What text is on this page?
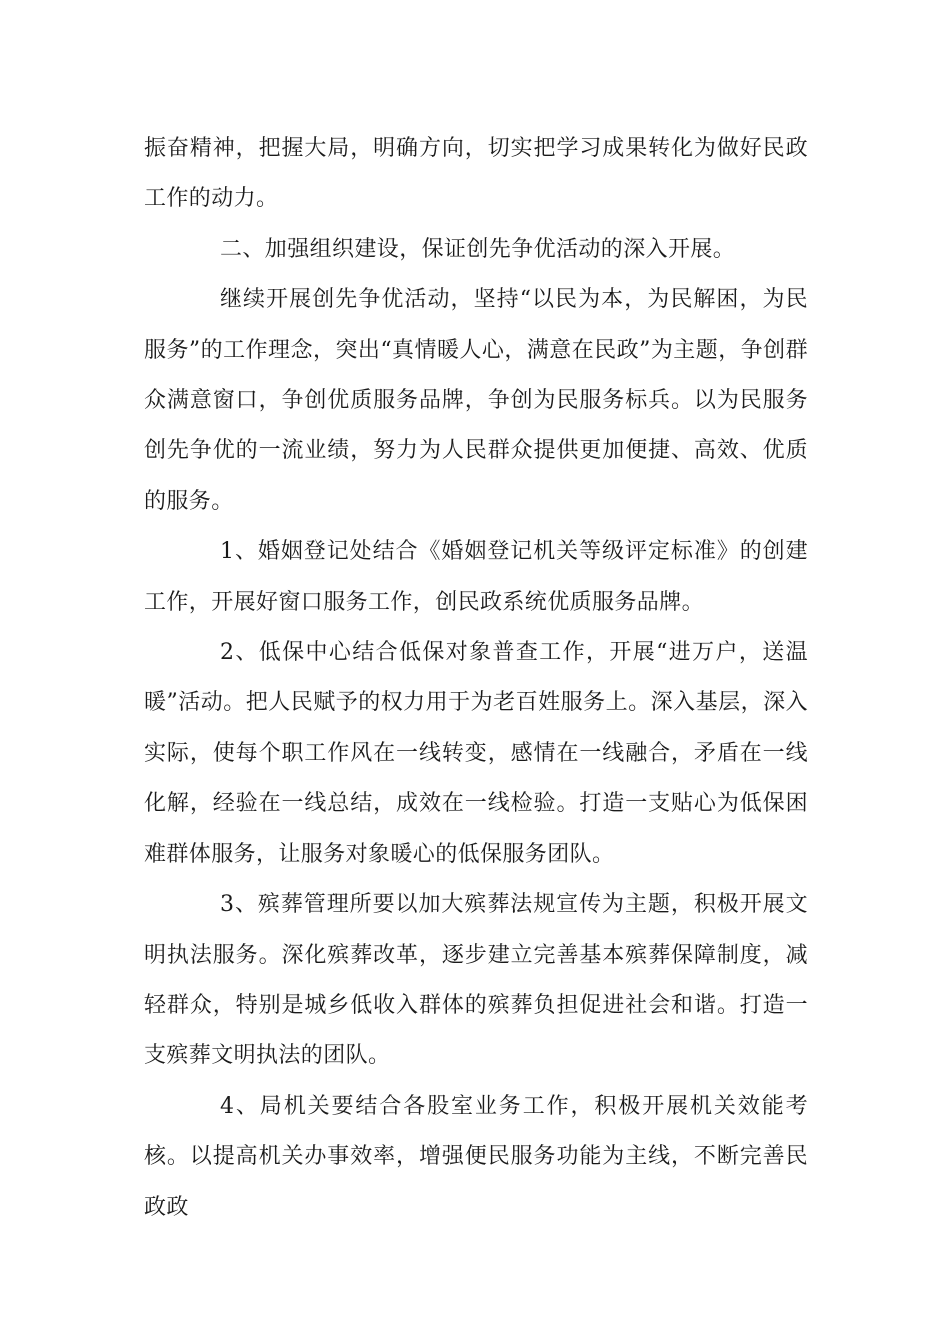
振奋精神，把握大局，明确方向，切实把学习成果转化为做好民政工作的动力。

二、加强组织建设，保证创先争优活动的深入开展。

继续开展创先争优活动，坚持“以民为本，为民解困，为民服务”的工作理念，突出“真情暖人心，满意在民政”为主题，争创群众满意窗口，争创优质服务品牌，争创为民服务标兵。以为民服务创先争优的一流业绩，努力为人民群众提供更加便捷、高效、优质的服务。

1、婚姻登记处结合《婚姻登记机关等级评定标准》的创建工作，开展好窗口服务工作，创民政系统优质服务品牌。

2、低保中心结合低保对象普查工作，开展“进万户，送温暖”活动。把人民赋予的权力用于为老百姓服务上。深入基层，深入实际，使每个职工作风在一线转变，感情在一线融合，矛盾在一线化解，经验在一线总结，成效在一线检验。打造一支贴心为低保困难群体服务，让服务对象暖心的低保服务团队。

3、殡葬管理所要以加大殡葬法规宣传为主题，积极开展文明执法服务。深化殡葬改革，逐步建立完善基本殡葬保障制度，减轻群众，特别是城乡低收入群体的殡葬负担促进社会和谐。打造一支殡葬文明执法的团队。

4、局机关要结合各股室业务工作，积极开展机关效能考核。以提高机关办事效率，增强便民服务功能为主线，不断完善民政政
